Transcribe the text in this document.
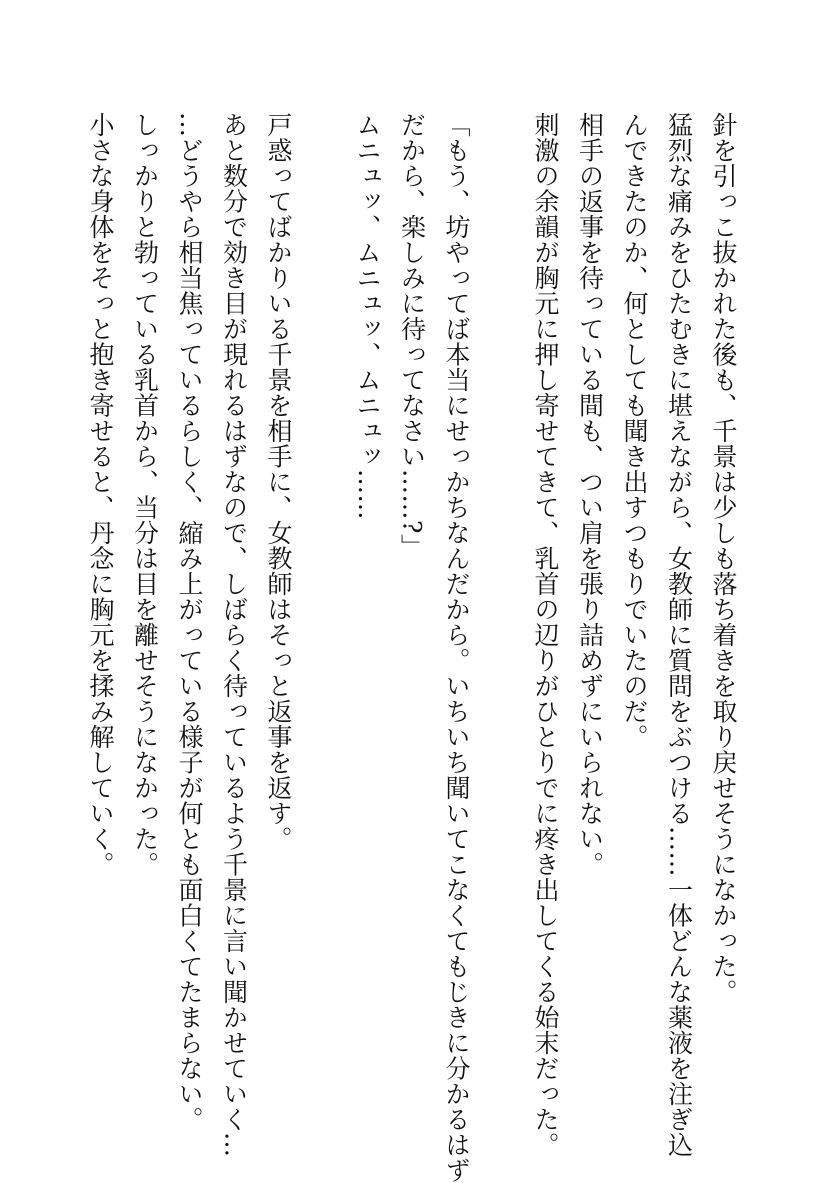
針を引っこ抜かれた後も、千景は少しも落ち着きを取り戻せそうになかった。
猛烈な痛みをひたむきに堪えながら、女教師に質問をぶつける……一体どんな薬液を注ぎ込
んできたのか、何としても聞き出すつもりでいたのだ。
相手の返事を待っている間も、つい肩を張り詰めずにいられない。
刺激の余韻が胸元に押し寄せてきて、乳首の辺りがひとりでに疼き出してくる始末だった。
「もう、坊やってば本当にせっかちなんだから。いちいち聞いてこなくてもじきに分かるはず
だから、楽しみに待ってなさい……?」
ムニュッ、ムニュッ、ムニュッ……
戸惑ってばかりいる千景を相手に、女教師はそっと返事を返す。
あと数分で効き目が現れるはずなので、しばらく待っているよう千景に言い聞かせていく…
…どうやら相当焦っているらしく、縮み上がっている様子が何とも面白くてたまらない。
しっかりと勃っている乳首から、当分は目を離せそうになかった。
小さな身体をそっと抱き寄せると、丹念に胸元を揉み解していく。
